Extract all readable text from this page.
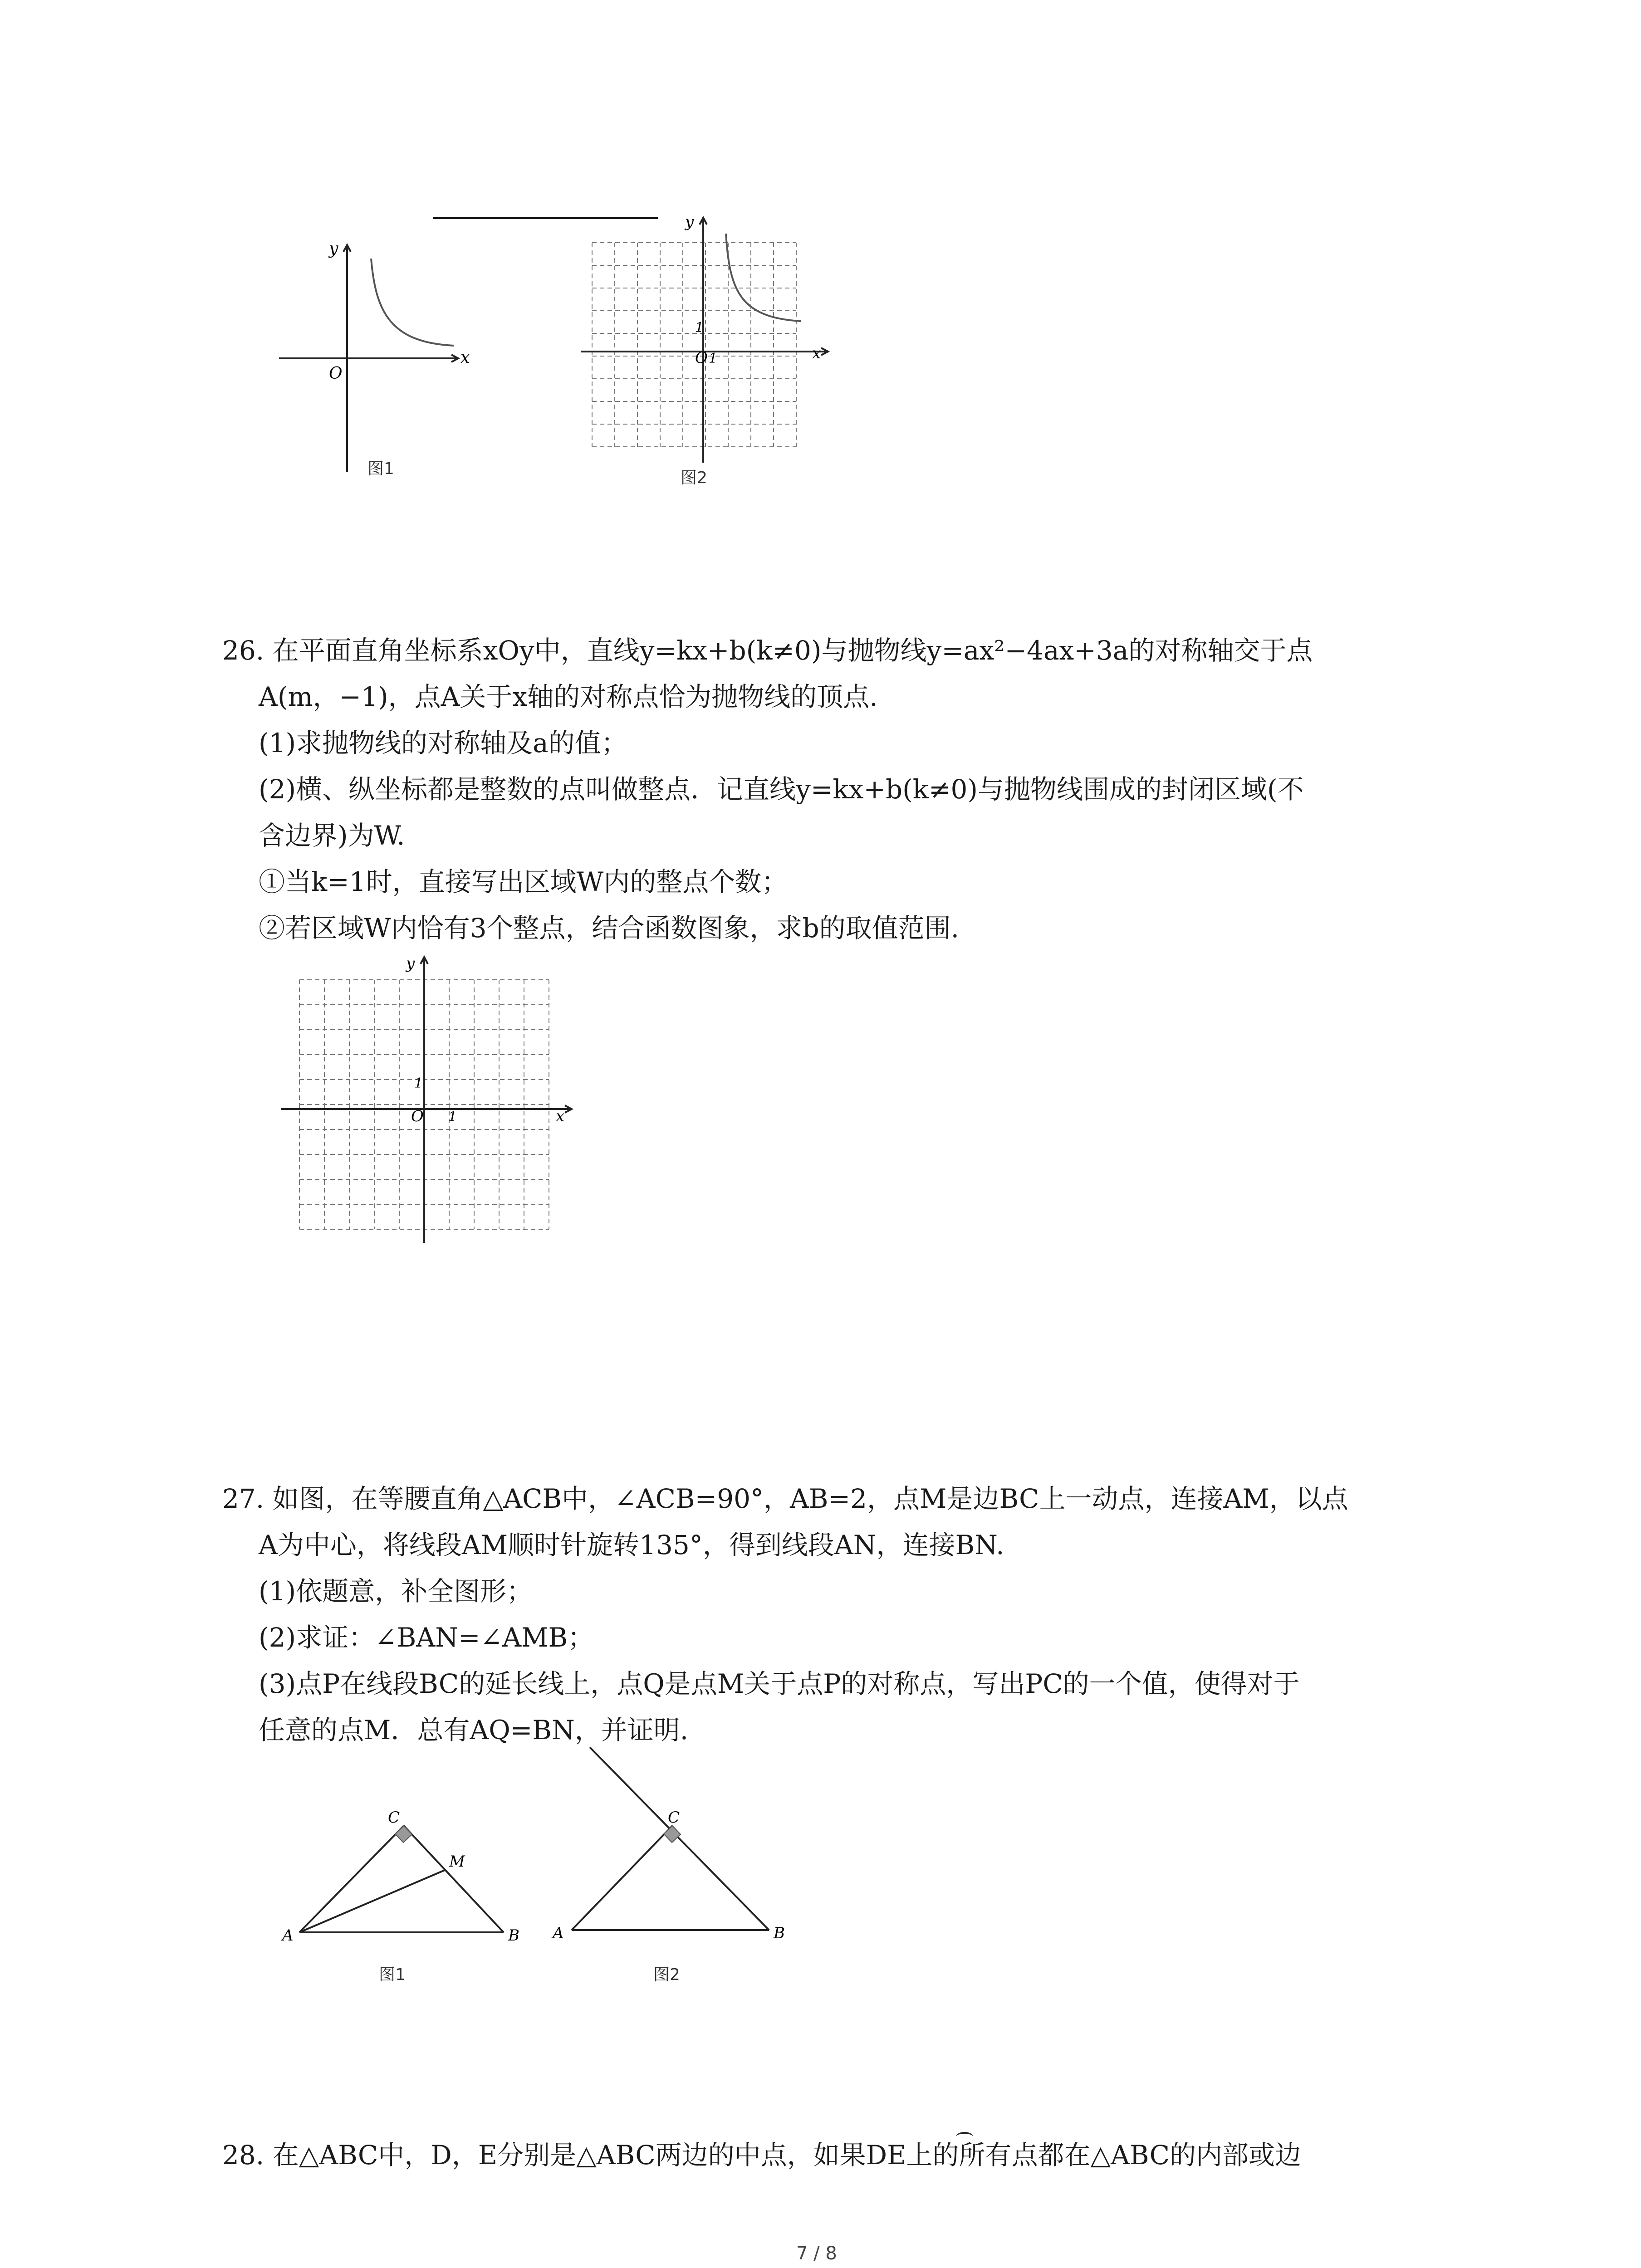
y
x
O
图1
y
x
O 1
1
图2
26. 在平面直角坐标系xOy中，直线y=kx+b(k≠0)与抛物线y=ax²−4ax+3a的对称轴交于点
A(m，−1)，点A关于x轴的对称点恰为抛物线的顶点.
(1)求抛物线的对称轴及a的值；
(2)横、纵坐标都是整数的点叫做整点．记直线y=kx+b(k≠0)与抛物线围成的封闭区域(不
含边界)为W.
①当k=1时，直接写出区域W内的整点个数；
②若区域W内恰有3个整点，结合函数图象，求b的取值范围.
y
x
O 1
1
27. 如图，在等腰直角△ACB中，∠ACB=90°，AB=2，点M是边BC上一动点，连接AM，以点
A为中心，将线段AM顺时针旋转135°，得到线段AN，连接BN.
(1)依题意，补全图形；
(2)求证：∠BAN=∠AMB；
(3)点P在线段BC的延长线上，点Q是点M关于点P的对称点，写出PC的一个值，使得对于
任意的点M．总有AQ=BN，并证明.
C
A	B
M
图1
C
A	B
图2
28. 在△ABC中，D，E分别是△ABC两边的中点，如果DE上的所有点都在△ABC的内部或边
7 / 8
